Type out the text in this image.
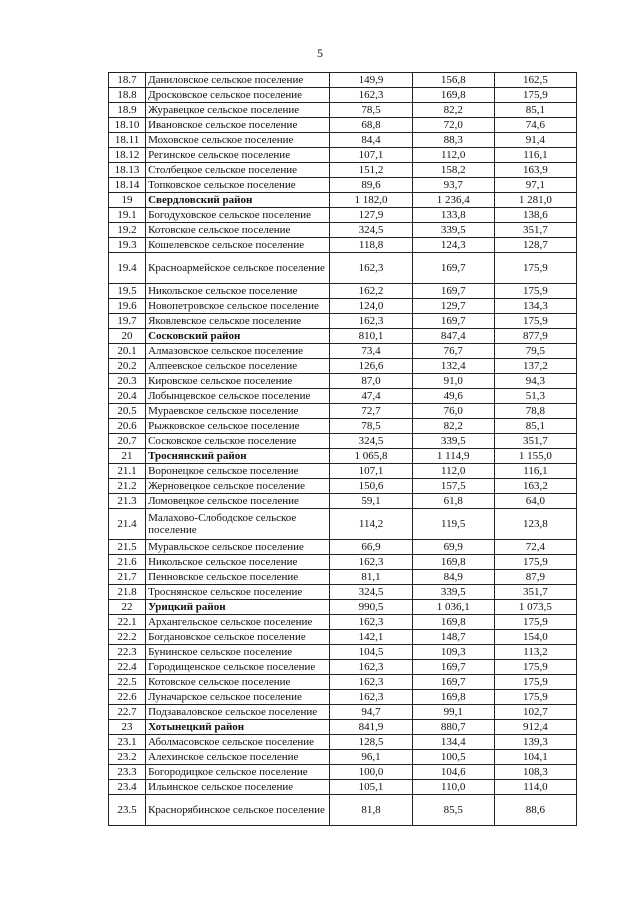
5
18.7	Даниловское сельское поселение	149,9	156,8	162,5
18.8	Дросковское сельское поселение	162,3	169,8	175,9
18.9	Журавецкое сельское поселение	78,5	82,2	85,1
18.10	Ивановское сельское поселение	68,8	72,0	74,6
18.11	Моховское сельское поселение	84,4	88,3	91,4
18.12	Регинское сельское поселение	107,1	112,0	116,1
18.13	Столбецкое сельское поселение	151,2	158,2	163,9
18.14	Топковское сельское поселение	89,6	93,7	97,1
19	Свердловский район	1 182,0	1 236,4	1 281,0
19.1	Богодуховское сельское поселение	127,9	133,8	138,6
19.2	Котовское сельское поселение	324,5	339,5	351,7
19.3	Кошелевское сельское поселение	118,8	124,3	128,7
19.4	Красноармейское сельское поселение	162,3	169,7	175,9
19.5	Никольское сельское поселение	162,2	169,7	175,9
19.6	Новопетровское сельское поселение	124,0	129,7	134,3
19.7	Яковлевское сельское поселение	162,3	169,7	175,9
20	Сосковский район	810,1	847,4	877,9
20.1	Алмазовское сельское поселение	73,4	76,7	79,5
20.2	Алпеевское сельское поселение	126,6	132,4	137,2
20.3	Кировское сельское поселение	87,0	91,0	94,3
20.4	Лобынцевское сельское поселение	47,4	49,6	51,3
20.5	Мураевское сельское поселение	72,7	76,0	78,8
20.6	Рыжковское сельское поселение	78,5	82,2	85,1
20.7	Сосковское сельское поселение	324,5	339,5	351,7
21	Троснянский район	1 065,8	1 114,9	1 155,0
21.1	Воронецкое сельское поселение	107,1	112,0	116,1
21.2	Жерновецкое сельское поселение	150,6	157,5	163,2
21.3	Ломовецкое сельское поселение	59,1	61,8	64,0
21.4	Малахово-Слободское сельское поселение	114,2	119,5	123,8
21.5	Муравльское сельское поселение	66,9	69,9	72,4
21.6	Никольское сельское поселение	162,3	169,8	175,9
21.7	Пенновское сельское поселение	81,1	84,9	87,9
21.8	Троснянское сельское поселение	324,5	339,5	351,7
22	Урицкий район	990,5	1 036,1	1 073,5
22.1	Архангельское сельское поселение	162,3	169,8	175,9
22.2	Богдановское сельское поселение	142,1	148,7	154,0
22.3	Бунинское сельское поселение	104,5	109,3	113,2
22.4	Городищенское сельское поселение	162,3	169,7	175,9
22.5	Котовское сельское поселение	162,3	169,7	175,9
22.6	Луначарское сельское поселение	162,3	169,8	175,9
22.7	Подзаваловское сельское поселение	94,7	99,1	102,7
23	Хотынецкий район	841,9	880,7	912,4
23.1	Аболмасовское сельское поселение	128,5	134,4	139,3
23.2	Алехинское сельское поселение	96,1	100,5	104,1
23.3	Богородицкое сельское поселение	100,0	104,6	108,3
23.4	Ильинское сельское поселение	105,1	110,0	114,0
23.5	Краснорябинское сельское поселение	81,8	85,5	88,6
